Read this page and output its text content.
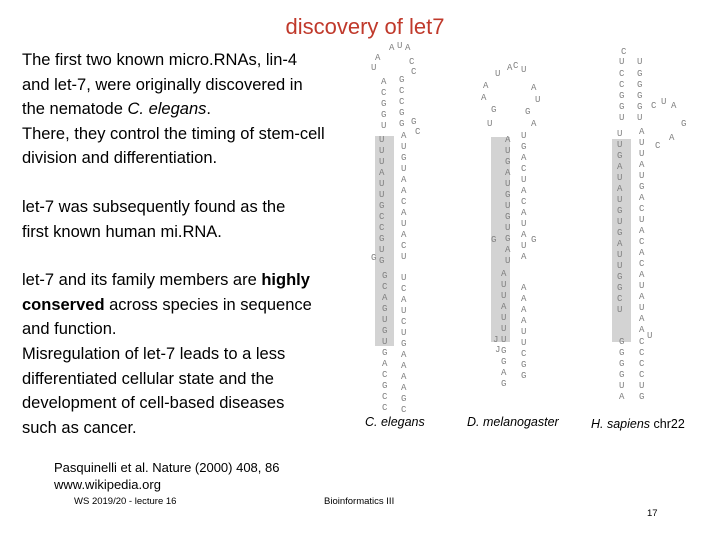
discovery of let7

The first two known micro.RNAs, lin-4
and let-7, were originally discovered in
the nematode C. elegans.
There, they control the timing of stem-cell
division and differentiation.

let-7 was subsequently found as the
first known human mi.RNA.

let-7 and its family members are highly
conserved across species in sequence
and function.
Misregulation of let-7 leads to a less
differentiated cellular state and the
development of cell-based diseases
such as cancer.

A U A
A	C
U	C
A
C
G
G
U
G
C
C
G
G
U
U
U
A
U
U
G
C
C
G
U
G
A
U
G
U
A
A
C
A
U
A
C
U
G
C
A
G
U
G
U
G
A
C
G
C
C
U
C
A
U
C
U
G
A
A
A
A
G
C
G
C
G
U
A C U
A	A
A	U
U	A
G
G
A
U
G
A
U
G
U
G
U
G
A
U
U
G
A
C
U
A
C
A
U
A
U
A
A
U
U
A
U
U
U
G
G
A
G
A
A
A
A
U
U
C
G
G
G	G
J
J
C
U U
C
C
G
G
U
G
G
G
G
U
C U A
G
U
U
G
A
U
A
U
G
U
G
A
U
U
G
G
C
U
A
U
U
A
U
G
A
C
U
A
C
A
C
A
U
A
U
A
A
G
G
G
G
U
A
C
C
C
C
U
G
U
C
A
C. elegans	D. melanogaster	H. sapiens chr22
Pasquinelli et al. Nature (2000) 408, 86
www.wikipedia.org
WS 2019/20 - lecture 16	Bioinformatics III
17
